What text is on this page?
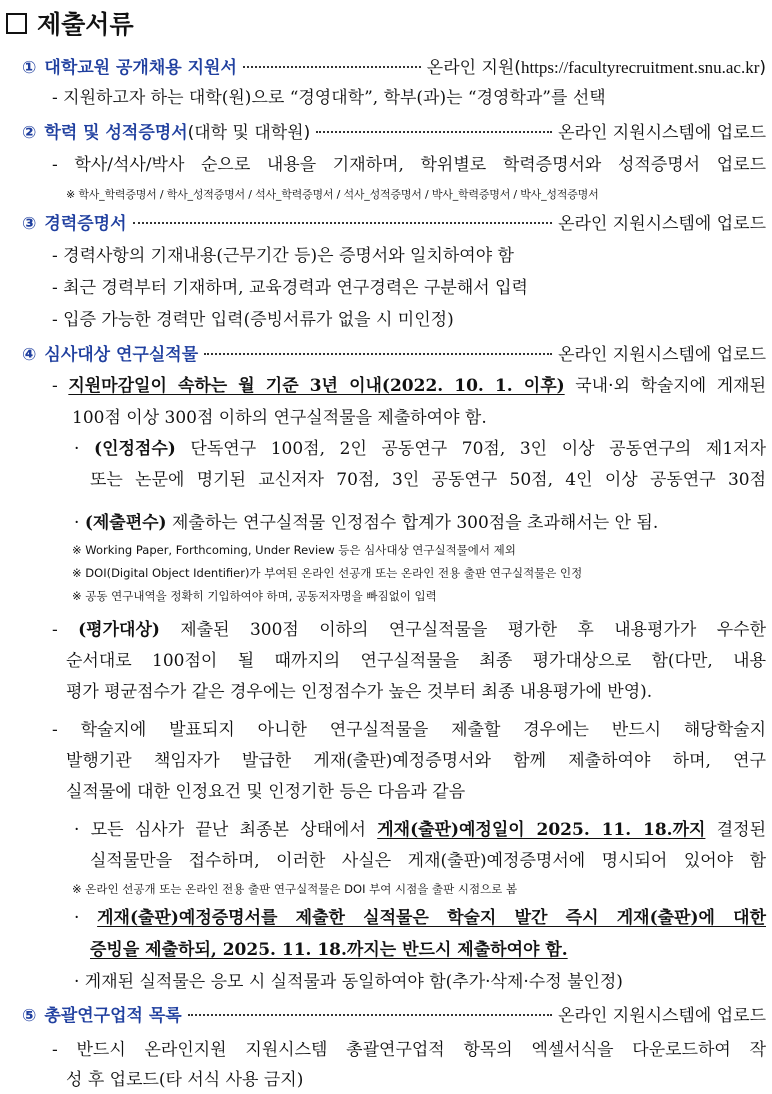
제출서류
① 대학교원 공개채용 지원서	온라인 지원(https://facultyrecruitment.snu.ac.kr)
- 지원하고자 하는 대학(원)으로 “경영대학”, 학부(과)는 “경영학과”를 선택
② 학력 및 성적증명서 (대학 및 대학원)	온라인 지원시스템에 업로드
- 학사/석사/박사 순으로 내용을 기재하며, 학위별로 학력증명서와 성적증명서 업로드
※ 학사_학력증명서 / 학사_성적증명서 / 석사_학력증명서 / 석사_성적증명서 / 박사_학력증명서 / 박사_성적증명서
③ 경력증명서	온라인 지원시스템에 업로드
- 경력사항의 기재내용(근무기간 등)은 증명서와 일치하여야 함
- 최근 경력부터 기재하며, 교육경력과 연구경력은 구분해서 입력
- 입증 가능한 경력만 입력(증빙서류가 없을 시 미인정)
④ 심사대상 연구실적물	온라인 지원시스템에 업로드
- 지원마감일이 속하는 월 기준 3년 이내(2022. 10. 1. 이후) 국내·외 학술지에 게재된
100점 이상 300점 이하의 연구실적물을 제출하여야 함.
· (인정점수) 단독연구 100점, 2인 공동연구 70점, 3인 이상 공동연구의 제1저자
또는 논문에 명기된 교신저자 70점, 3인 공동연구 50점, 4인 이상 공동연구 30점
· (제출편수) 제출하는 연구실적물 인정점수 합계가 300점을 초과해서는 안 됨.
※ Working Paper, Forthcoming, Under Review 등은 심사대상 연구실적물에서 제외
※ DOI(Digital Object Identifier)가 부여된 온라인 선공개 또는 온라인 전용 출판 연구실적물은 인정
※ 공동 연구내역을 정확히 기입하여야 하며, 공동저자명을 빠짐없이 입력
- (평가대상) 제출된 300점 이하의 연구실적물을 평가한 후 내용평가가 우수한
순서대로 100점이 될 때까지의 연구실적물을 최종 평가대상으로 함(다만, 내용
평가 평균점수가 같은 경우에는 인정점수가 높은 것부터 최종 내용평가에 반영).
- 학술지에 발표되지 아니한 연구실적물을 제출할 경우에는 반드시 해당학술지
발행기관 책임자가 발급한 게재(출판)예정증명서와 함께 제출하여야 하며, 연구
실적물에 대한 인정요건 및 인정기한 등은 다음과 같음
· 모든 심사가 끝난 최종본 상태에서 게재(출판)예정일이 2025. 11. 18.까지 결정된
실적물만을 접수하며, 이러한 사실은 게재(출판)예정증명서에 명시되어 있어야 함
※ 온라인 선공개 또는 온라인 전용 출판 연구실적물은 DOI 부여 시점을 출판 시점으로 봄
· 게재(출판)예정증명서를 제출한 실적물은 학술지 발간 즉시 게재(출판)에 대한
증빙을 제출하되, 2025. 11. 18.까지는 반드시 제출하여야 함.
· 게재된 실적물은 응모 시 실적물과 동일하여야 함(추가·삭제·수정 불인정)
⑤ 총괄연구업적 목록	온라인 지원시스템에 업로드
- 반드시 온라인지원 지원시스템 총괄연구업적 항목의 엑셀서식을 다운로드하여 작
성 후 업로드(타 서식 사용 금지)
